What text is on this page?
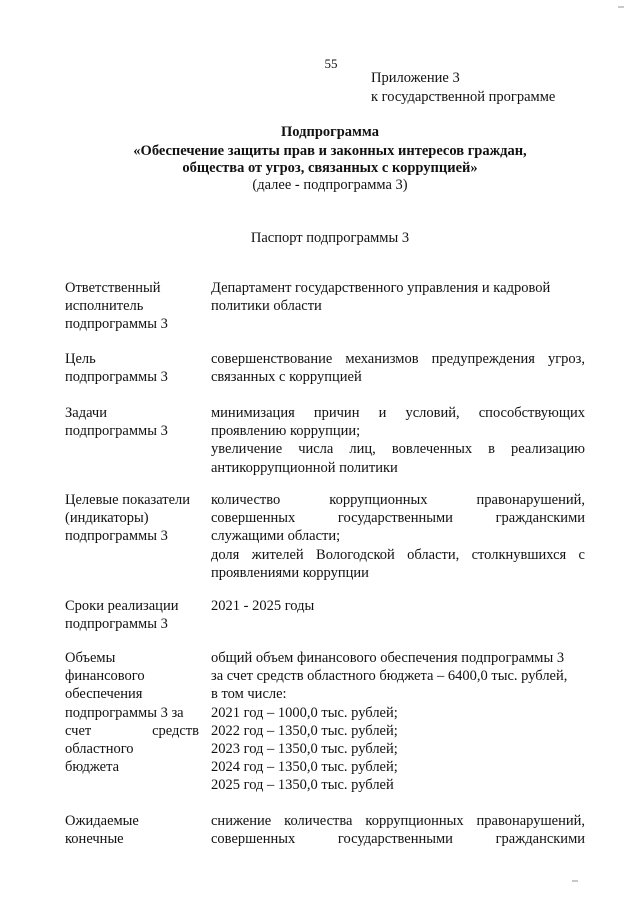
55
Приложение 3
к государственной программе
Подпрограмма
«Обеспечение защиты прав и законных интересов граждан,
общества от угроз, связанных с коррупцией»
(далее - подпрограмма 3)
Паспорт подпрограммы 3
Ответственный
исполнитель
подпрограммы 3
Департамент государственного управления и кадровой
политики области
Цель
подпрограммы 3
совершенствование механизмов предупреждения угроз,
связанных с коррупцией
Задачи
подпрограммы 3
минимизация причин и условий, способствующих
проявлению коррупции;
увеличение числа лиц, вовлеченных в реализацию
антикоррупционной политики
Целевые показатели
(индикаторы)
подпрограммы 3
количество коррупционных правонарушений,
совершенных государственными гражданскими
служащими области;
доля жителей Вологодской области, столкнувшихся с
проявлениями коррупции
Сроки реализации
подпрограммы 3
2021 - 2025 годы
Объемы
финансового
обеспечения
подпрограммы 3 за
счет	средств
областного
бюджета
общий объем финансового обеспечения подпрограммы 3
за счет средств областного бюджета – 6400,0 тыс. рублей,
в том числе:
2021 год – 1000,0 тыс. рублей;
2022 год – 1350,0 тыс. рублей;
2023 год – 1350,0 тыс. рублей;
2024 год – 1350,0 тыс. рублей;
2025 год – 1350,0 тыс. рублей
Ожидаемые
конечные
снижение количества коррупционных правонарушений,
совершенных государственными гражданскими
